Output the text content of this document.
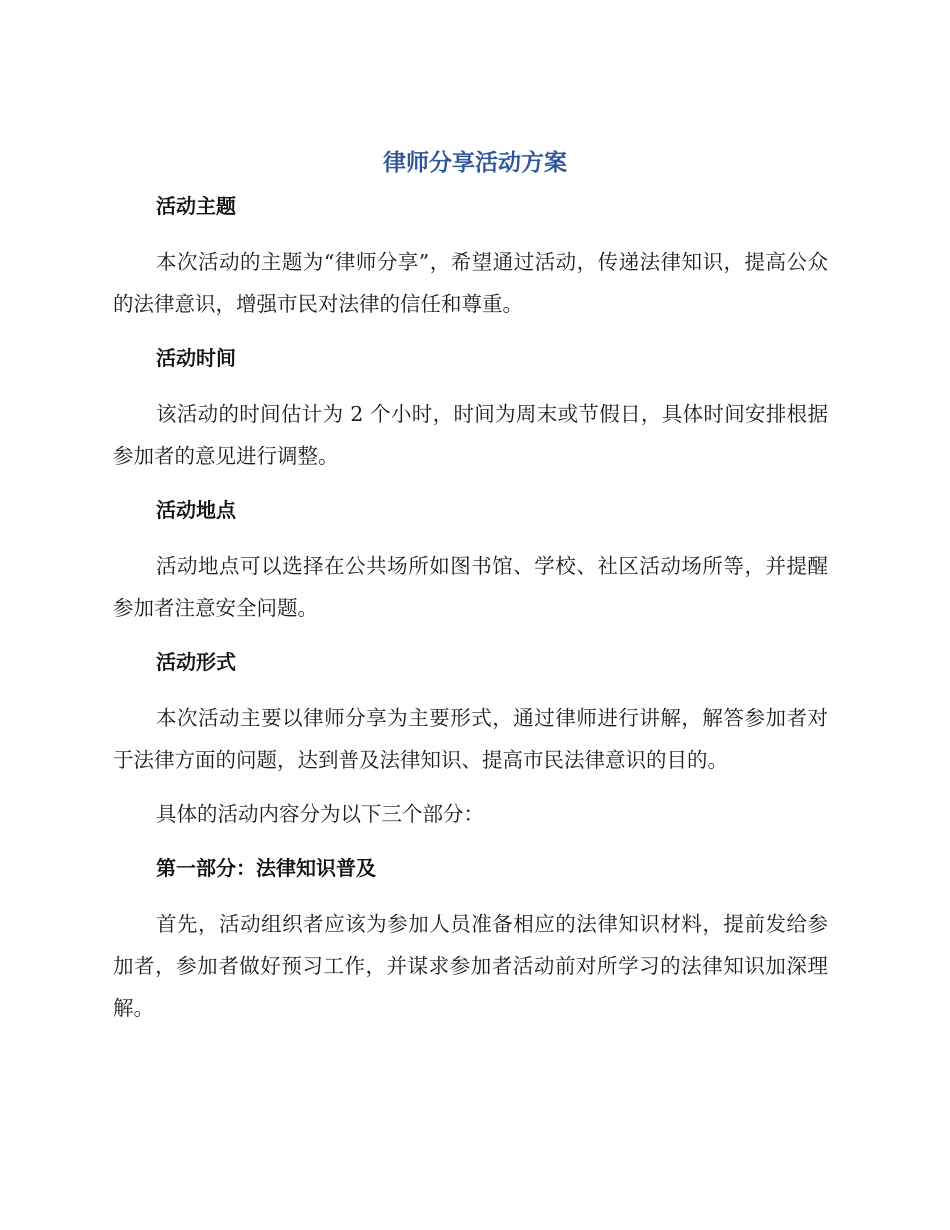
律师分享活动方案
活动主题

本次活动的主题为“律师分享”，希望通过活动，传递法律知识，提高公众的法律意识，增强市民对法律的信任和尊重。

活动时间

该活动的时间估计为 2 个小时，时间为周末或节假日，具体时间安排根据参加者的意见进行调整。

活动地点

活动地点可以选择在公共场所如图书馆、学校、社区活动场所等，并提醒参加者注意安全问题。

活动形式

本次活动主要以律师分享为主要形式，通过律师进行讲解，解答参加者对于法律方面的问题，达到普及法律知识、提高市民法律意识的目的。

具体的活动内容分为以下三个部分：

第一部分：法律知识普及

首先，活动组织者应该为参加人员准备相应的法律知识材料，提前发给参加者，参加者做好预习工作，并谋求参加者活动前对所学习的法律知识加深理解。
